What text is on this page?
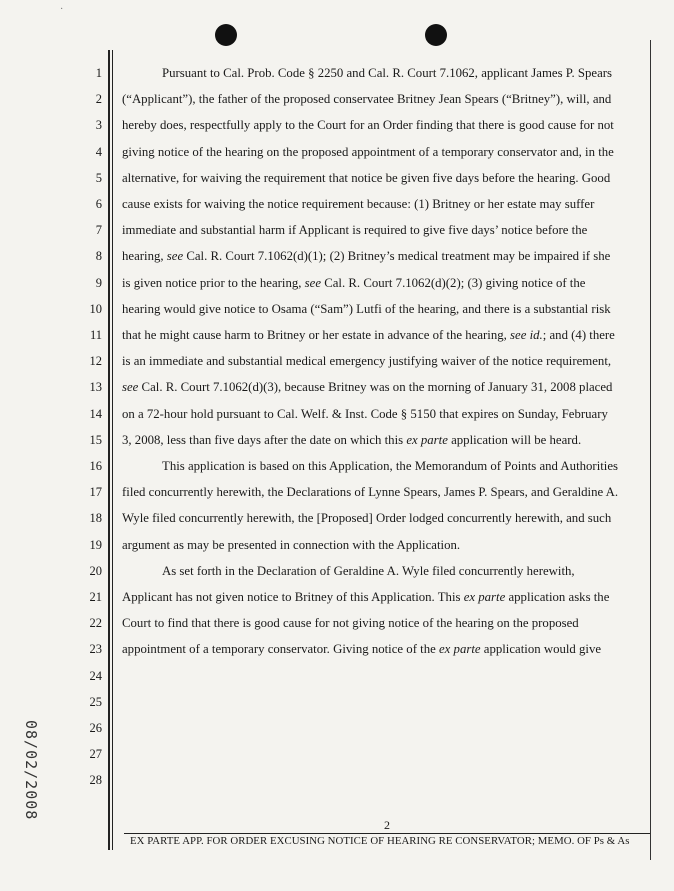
·
1
2
3
4
5
6
7
8
9
10
11
12
13
14
15
16
17
18
19
20
21
22
23
24
25
26
27
28
Pursuant to Cal. Prob. Code § 2250 and Cal. R. Court 7.1062, applicant James P. Spears
(“Applicant”), the father of the proposed conservatee Britney Jean Spears (“Britney”), will, and
hereby does, respectfully apply to the Court for an Order finding that there is good cause for not
giving notice of the hearing on the proposed appointment of a temporary conservator and, in the
alternative, for waiving the requirement that notice be given five days before the hearing. Good
cause exists for waiving the notice requirement because: (1) Britney or her estate may suffer
immediate and substantial harm if Applicant is required to give five days’ notice before the
hearing, see Cal. R. Court 7.1062(d)(1); (2) Britney’s medical treatment may be impaired if she
is given notice prior to the hearing, see Cal. R. Court 7.1062(d)(2); (3) giving notice of the
hearing would give notice to Osama (“Sam”) Lutfi of the hearing, and there is a substantial risk
that he might cause harm to Britney or her estate in advance of the hearing, see id.; and (4) there
is an immediate and substantial medical emergency justifying waiver of the notice requirement,
see Cal. R. Court 7.1062(d)(3), because Britney was on the morning of January 31, 2008 placed
on a 72-hour hold pursuant to Cal. Welf. & Inst. Code § 5150 that expires on Sunday, February
3, 2008, less than five days after the date on which this ex parte application will be heard.
This application is based on this Application, the Memorandum of Points and Authorities
filed concurrently herewith, the Declarations of Lynne Spears, James P. Spears, and Geraldine A.
Wyle filed concurrently herewith, the [Proposed] Order lodged concurrently herewith, and such
argument as may be presented in connection with the Application.
As set forth in the Declaration of Geraldine A. Wyle filed concurrently herewith,
Applicant has not given notice to Britney of this Application. This ex parte application asks the
Court to find that there is good cause for not giving notice of the hearing on the proposed
appointment of a temporary conservator. Giving notice of the ex parte application would give
08/02/2008
2
EX PARTE APP. FOR ORDER EXCUSING NOTICE OF HEARING RE CONSERVATOR; MEMO. OF Ps & As
